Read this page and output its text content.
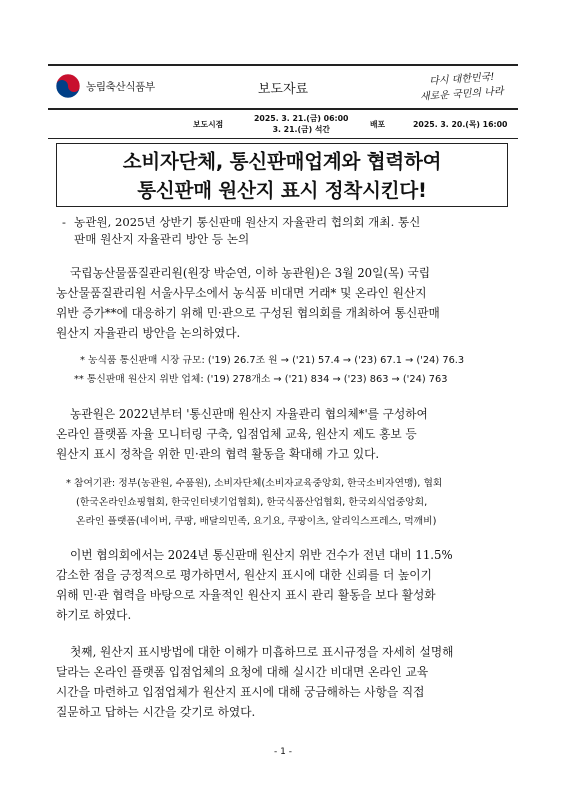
농림축산식품부	보도자료
다시 대한민국!
새로운 국민의 나라
보도시점
2025. 3. 21.(금) 06:00
3. 21.(금) 석간
배포	2025. 3. 20.(목) 16:00
소비자단체, 통신판매업계와 협력하여
통신판매 원산지 표시 정착시킨다!
- 농관원, 2025년 상반기 통신판매 원산지 자율관리 협의회 개최. 통신
판매 원산지 자율관리 방안 등 논의
국립농산물품질관리원(원장 박순연, 이하 농관원)은 3월 20일(목) 국립
농산물품질관리원 서울사무소에서 농식품 비대면 거래* 및 온라인 원산지
위반 증가**에 대응하기 위해 민·관으로 구성된 협의회를 개최하여 통신판매
원산지 자율관리 방안을 논의하였다.
* 농식품 통신판매 시장 규모: ('19) 26.7조 원 → ('21) 57.4 → ('23) 67.1 → ('24) 76.3
** 통신판매 원산지 위반 업체: ('19) 278개소 → ('21) 834 → ('23) 863 → ('24) 763
농관원은 2022년부터 '통신판매 원산지 자율관리 협의체*'를 구성하여
온라인 플랫폼 자율 모니터링 구축, 입점업체 교육, 원산지 제도 홍보 등
원산지 표시 정착을 위한 민·관의 협력 활동을 확대해 가고 있다.
* 참여기관: 정부(농관원, 수품원), 소비자단체(소비자교육중앙회, 한국소비자연맹), 협회
(한국온라인쇼핑협회, 한국인터넷기업협회), 한국식품산업협회, 한국외식업중앙회,
온라인 플랫폼(네이버, 쿠팡, 배달의민족, 요기요, 쿠팡이츠, 알리익스프레스, 먹깨비)
이번 협의회에서는 2024년 통신판매 원산지 위반 건수가 전년 대비 11.5%
감소한 점을 긍정적으로 평가하면서, 원산지 표시에 대한 신뢰를 더 높이기
위해 민·관 협력을 바탕으로 자율적인 원산지 표시 관리 활동을 보다 활성화
하기로 하였다.
첫째, 원산지 표시방법에 대한 이해가 미흡하므로 표시규정을 자세히 설명해
달라는 온라인 플랫폼 입점업체의 요청에 대해 실시간 비대면 온라인 교육
시간을 마련하고 입점업체가 원산지 표시에 대해 궁금해하는 사항을 직접
질문하고 답하는 시간을 갖기로 하였다.
- 1 -
